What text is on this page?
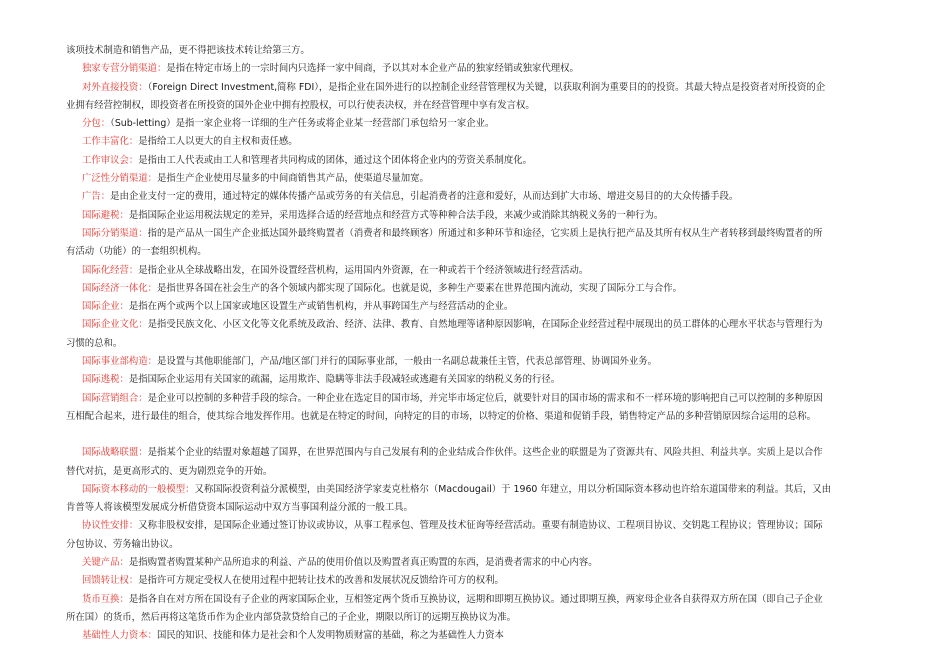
该项技术制造和销售产品，更不得把该技术转让给第三方。
独家专营分销渠道：是指在特定市场上的一宗时间内只选择一家中间商，予以其对本企业产品的独家经销或独家代理权。
对外直接投资：（Foreign Direct Investment,简称 FDI），是指企业在国外进行的以控制企业经营管理权为关键，以获取利润为重要目的的投资。其最大特点是投资者对所投资的企
业拥有经营控制权，即投资者在所投资的国外企业中拥有控股权，可以行使表决权，并在经营管理中享有发言权。
分包：（Sub-letting）是指一家企业将一详细的生产任务或将企业某一经营部门承包给另一家企业。
工作丰富化：是指给工人以更大的自主权和责任感。
工作审议会：是指由工人代表或由工人和管理者共同构成的团体，通过这个团体将企业内的劳资关系制度化。
广泛性分销渠道：是指生产企业使用尽量多的中间商销售其产品，使渠道尽量加宽。
广告：是由企业支付一定的费用，通过特定的媒体传播产品或劳务的有关信息，引起消费者的注意和爱好，从而达到扩大市场、增进交易目的的大众传播手段。
国际避税：是指国际企业运用税法规定的差异，采用选择合适的经营地点和经营方式等种种合法手段，来减少或消除其纳税义务的一种行为。
国际分销渠道：指的是产品从一国生产企业抵达国外最终购置者（消费者和最终顾客）所通过和多种环节和途径，它实质上是执行把产品及其所有权从生产者转移到最终购置者的所
有活动（功能）的一套组织机构。
国际化经营：是指企业从全球战略出发，在国外设置经营机构，运用国内外资源，在一种或若干个经济领域进行经营活动。
国际经济一体化：是指世界各国在社会生产的各个领域内都实现了国际化。也就是说，多种生产要素在世界范围内流动，实现了国际分工与合作。
国际企业：是指在两个或两个以上国家或地区设置生产或销售机构，并从事跨国生产与经营活动的企业。
国际企业文化：是指受民族文化、小区文化等文化系统及政治、经济、法律、教育、自然地理等诸种原因影响，在国际企业经营过程中展现出的员工群体的心理水平状态与管理行为
习惯的总和。
国际事业部构造：是设置与其他职能部门，产品/地区部门并行的国际事业部，一般由一名副总裁兼任主管，代表总部管理、协调国外业务。
国际逃税：是指国际企业运用有关国家的疏漏，运用欺诈、隐瞒等非法手段减轻或逃避有关国家的纳税义务的行径。
国际营销组合：是企业可以控制的多种营手段的综合。一种企业在选定目的国市场，并完毕市场定位后，就要针对目的国市场的需求和不一样环境的影响把自己可以控制的多种原因
互相配合起来，进行最佳的组合，使其综合地发挥作用。也就是在特定的时间，向特定的目的市场，以特定的价格、渠道和促销手段，销售特定产品的多种营销原因综合运用的总称。
国际战略联盟：是指某个企业的结盟对象超越了国界，在世界范围内与自己发展有利的企业结成合作伙伴。这些企业的联盟是为了资源共有、风险共担、利益共享。实质上是以合作
替代对抗，是更高形式的、更为剧烈竞争的开始。
国际资本移动的一般模型：又称国际投资利益分派模型，由美国经济学家麦克杜格尔（Macdougail）于 1960 年建立，用以分析国际资本移动也许给东道国带来的利益。其后，又由
肯普等人将该模型发展成分析借贷资本国际运动中双方当事国利益分派的一般工具。
协议性安排：又称非股权安排，是国际企业通过签订协议或协议，从事工程承包、管理及技术征询等经营活动。重要有制造协议、工程项目协议、交钥匙工程协议；管理协议；国际
分包协议、劳务输出协议。
关键产品：是指购置者购置某种产品所追求的利益、产品的使用价值以及购置者真正购置的东西，是消费者需求的中心内容。
回馈转让权：是指许可方规定受权人在使用过程中把转让技术的改善和发展状况反馈给许可方的权利。
货币互换：是指各自在对方所在国设有子企业的两家国际企业，互相签定两个货币互换协议，远期和即期互换协议。通过即期互换，两家母企业各自获得双方所在国（即自己子企业
所在国）的货币，然后再将这笔货币作为企业内部贷款贷给自己的子企业，期限以所订的远期互换协议为准。
基础性人力资本：国民的知识、技能和体力是社会和个人发明物质财富的基础，称之为基础性人力资本
